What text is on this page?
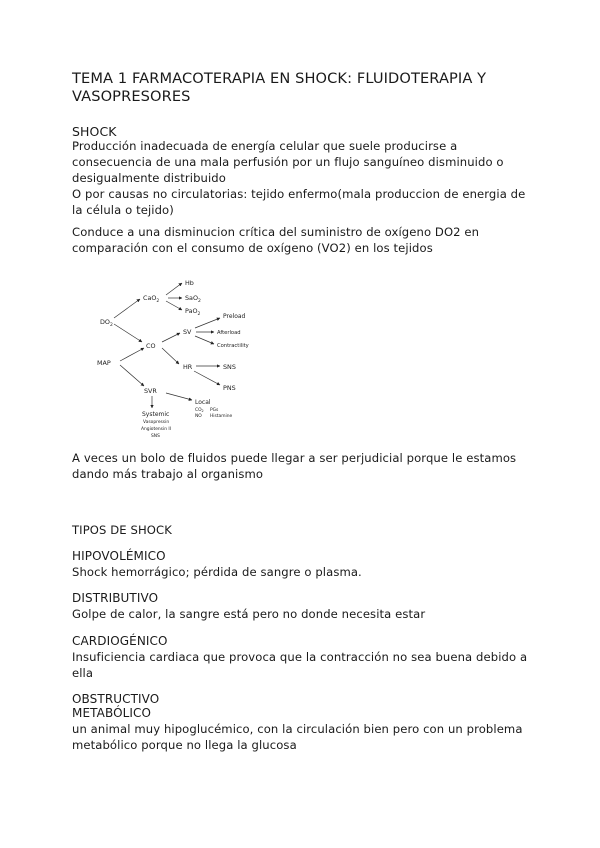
TEMA 1 FARMACOTERAPIA EN SHOCK: FLUIDOTERAPIA Y VASOPRESORES
SHOCK
Producción inadecuada de energía celular que suele producirse a consecuencia de una mala perfusión por un flujo sanguíneo disminuido o desigualmente distribuido
O por causas no circulatorias: tejido enfermo(mala produccion de energia de la célula o tejido)

Conduce a una disminucion crítica del suministro de oxígeno DO2 en comparación con el consumo de oxígeno (VO2) en los tejidos

$DO_2$
CaO$_2$
Hb
SaO$_2$
PaO$_2$
MAP
CO
SV
Preload
Afterload
Contractility
HR	SNS
PNS
SVR
Local
$CO_2$ PGs
NO Histamine
Systemic
Vasopressin
Angiotensin II
SNS

A veces un bolo de fluidos puede llegar a ser perjudicial porque le estamos dando más trabajo al organismo

TIPOS DE SHOCK
HIPOVOLÉMICO
Shock hemorrágico; pérdida de sangre o plasma.
DISTRIBUTIVO
Golpe de calor, la sangre está pero no donde necesita estar
CARDIOGÉNICO
Insuficiencia cardiaca que provoca que la contracción no sea buena debido a ella
OBSTRUCTIVO
METABÓLICO
un animal muy hipoglucémico, con la circulación bien pero con un problema metabólico porque no llega la glucosa
